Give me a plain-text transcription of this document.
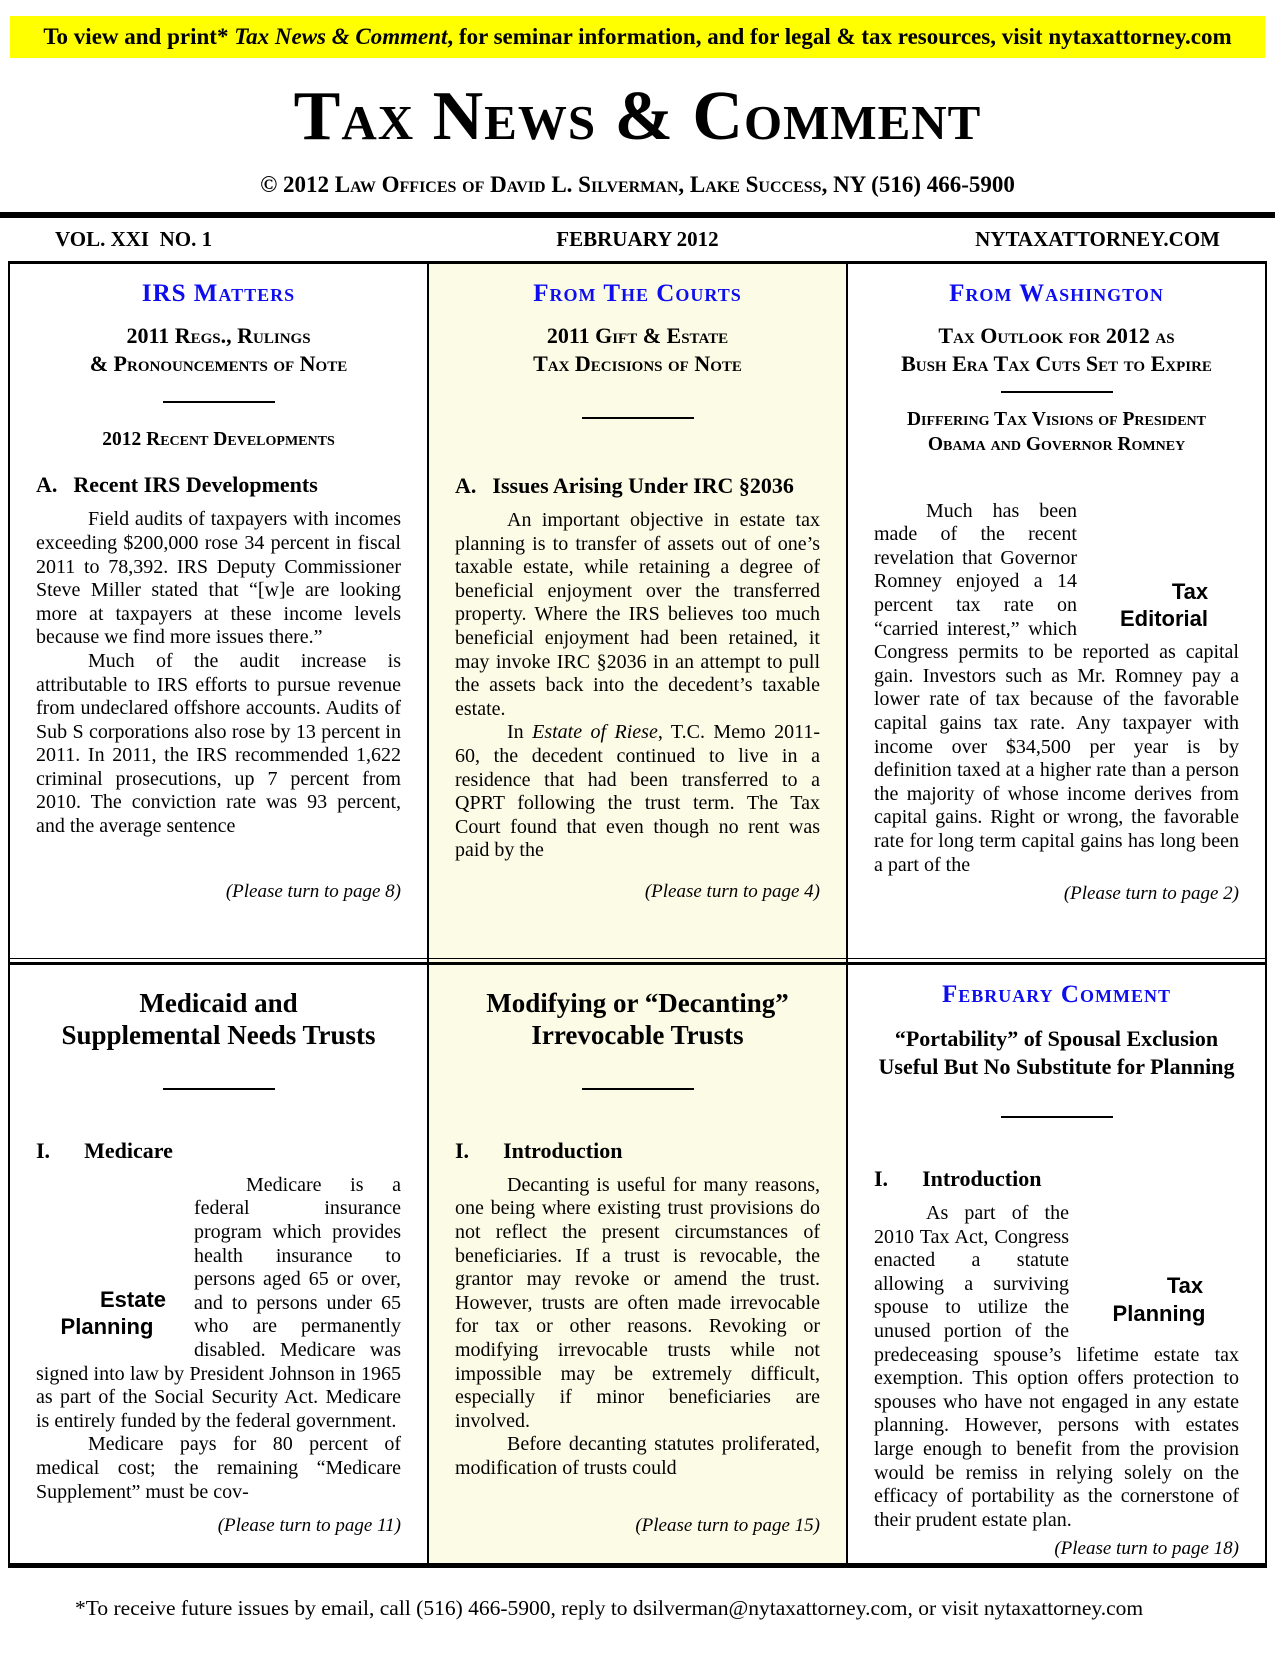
To view and print* Tax News & Comment, for seminar information, and for legal & tax resources, visit nytaxattorney.com
Tax News & Comment
© 2012 Law Offices of David L. Silverman, Lake Success, NY (516) 466-5900
VOL. XXI  NO. 1	FEBRUARY 2012	NYTAXATTORNEY.COM
IRS Matters
2011 Regs., Rulings
& Pronouncements of Note
2012 Recent Developments
A. Recent IRS Developments

Field audits of taxpayers with incomes exceeding $200,000 rose 34 percent in fiscal 2011 to 78,392. IRS Deputy Commissioner Steve Miller stated that “[w]e are looking more at taxpayers at these income levels because we find more issues there.”

Much of the audit increase is attributable to IRS efforts to pursue revenue from undeclared offshore accounts. Audits of Sub S corporations also rose by 13 percent in 2011. In 2011, the IRS recommended 1,622 criminal prosecutions, up 7 percent from 2010. The conviction rate was 93 percent, and the average sentence

(Please turn to page 8)
Medicaid and
Supplemental Needs Trusts
I. Medicare

Estate Planning
Medicare is a federal insurance program which provides health insurance to persons aged 65 or over, and to persons under 65 who are permanently disabled. Medicare was signed into law by President Johnson in 1965 as part of the Social Security Act. Medicare is entirely funded by the federal government.

Medicare pays for 80 percent of medical cost; the remaining “Medicare Supplement” must be cov-

(Please turn to page 11)
From The Courts
2011 Gift & Estate
Tax Decisions of Note
A. Issues Arising Under IRC §2036

An important objective in estate tax planning is to transfer of assets out of one’s taxable estate, while retaining a degree of beneficial enjoyment over the transferred property. Where the IRS believes too much beneficial enjoyment had been retained, it may invoke IRC §2036 in an attempt to pull the assets back into the decedent’s taxable estate.

In Estate of Riese, T.C. Memo 2011-60, the decedent continued to live in a residence that had been transferred to a QPRT following the trust term. The Tax Court found that even though no rent was paid by the

(Please turn to page 4)
Modifying or “Decanting”
Irrevocable Trusts
I. Introduction

Decanting is useful for many reasons, one being where existing trust provisions do not reflect the present circumstances of beneficiaries. If a trust is revocable, the grantor may revoke or amend the trust. However, trusts are often made irrevocable for tax or other reasons. Revoking or modifying irrevocable trusts while not impossible may be extremely difficult, especially if minor beneficiaries are involved.

Before decanting statutes proliferated, modification of trusts could

(Please turn to page 15)
From Washington
Tax Outlook for 2012 as
Bush Era Tax Cuts Set to Expire
Differing Tax Visions of President
Obama and Governor Romney

Tax Editorial
Much has been made of the recent revelation that Governor Romney enjoyed a 14 percent tax rate on “carried interest,” which Congress permits to be reported as capital gain. Investors such as Mr. Romney pay a lower rate of tax because of the favorable capital gains tax rate. Any taxpayer with income over $34,500 per year is by definition taxed at a higher rate than a person the majority of whose income derives from capital gains. Right or wrong, the favorable rate for long term capital gains has long been a part of the

(Please turn to page 2)
February Comment
“Portability” of Spousal Exclusion
Useful But No Substitute for Planning
I. Introduction

Tax Planning
As part of the 2010 Tax Act, Congress enacted a statute allowing a surviving spouse to utilize the unused portion of the predeceasing spouse’s lifetime estate tax exemption. This option offers protection to spouses who have not engaged in any estate planning. However, persons with estates large enough to benefit from the provision would be remiss in relying solely on the efficacy of portability as the cornerstone of their prudent estate plan.

(Please turn to page 18)
*To receive future issues by email, call (516) 466-5900, reply to dsilverman@nytaxattorney.com, or visit nytaxattorney.com
